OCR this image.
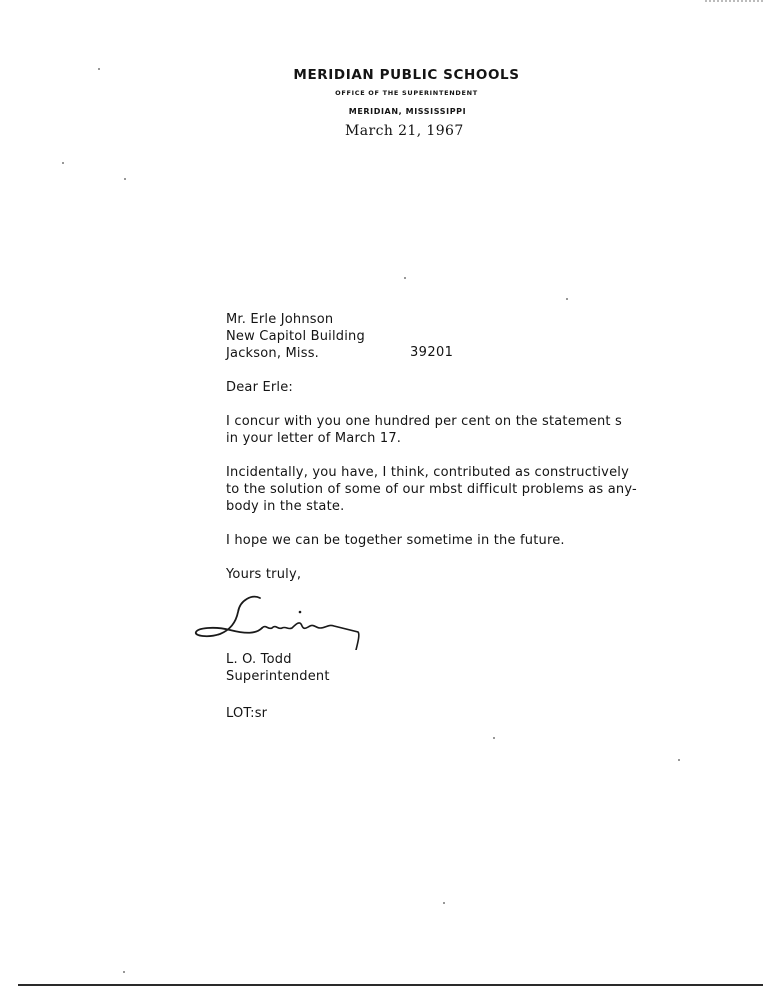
MERIDIAN PUBLIC SCHOOLS
OFFICE OF THE SUPERINTENDENT
MERIDIAN, MISSISSIPPI
March 21, 1967
Mr. Erle Johnson
New Capitol Building
Jackson, Miss.	39201
Dear Erle:
I concur with you one hundred per cent on the statement s
in your letter of March 17.
Incidentally, you have, I think, contributed as constructively
to the solution of some of our mbst difficult problems as any-
body in the state.
I hope we can be together sometime in the future.
Yours truly,
L. O. Todd
Superintendent
LOT:sr
